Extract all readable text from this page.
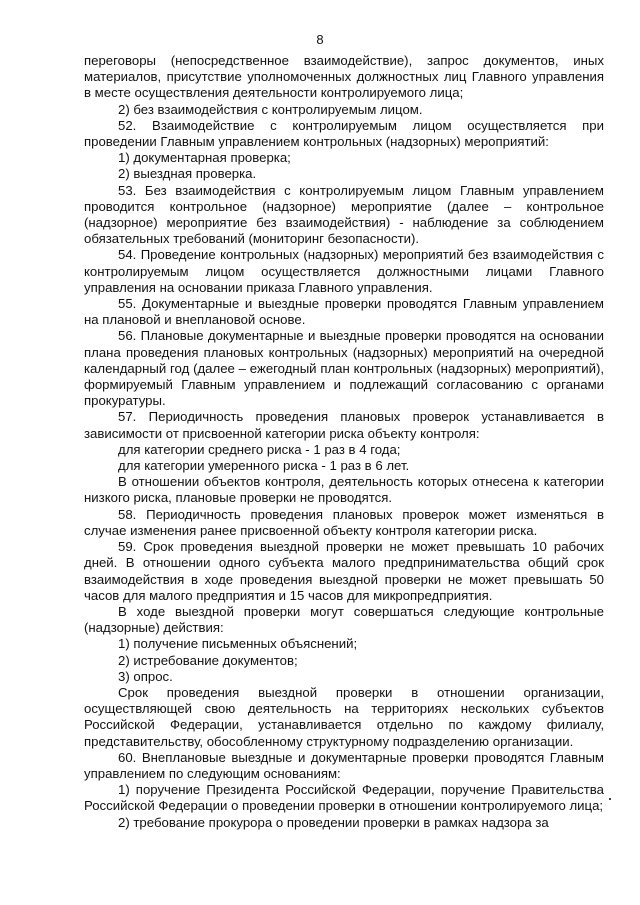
8

переговоры (непосредственное взаимодействие), запрос документов, иных материалов, присутствие уполномоченных должностных лиц Главного управления в месте осуществления деятельности контролируемого лица;

2) без взаимодействия с контролируемым лицом.

52. Взаимодействие с контролируемым лицом осуществляется при проведении Главным управлением контрольных (надзорных) мероприятий:

1) документарная проверка;

2) выездная проверка.

53. Без взаимодействия с контролируемым лицом Главным управлением проводится контрольное (надзорное) мероприятие (далее – контрольное (надзорное) мероприятие без взаимодействия) - наблюдение за соблюдением обязательных требований (мониторинг безопасности).

54. Проведение контрольных (надзорных) мероприятий без взаимодействия с контролируемым лицом осуществляется должностными лицами Главного управления на основании приказа Главного управления.

55. Документарные и выездные проверки проводятся Главным управлением на плановой и внеплановой основе.

56. Плановые документарные и выездные проверки проводятся на основании плана проведения плановых контрольных (надзорных) мероприятий на очередной календарный год (далее – ежегодный план контрольных (надзорных) мероприятий), формируемый Главным управлением и подлежащий согласованию с органами прокуратуры.

57. Периодичность проведения плановых проверок устанавливается в зависимости от присвоенной категории риска объекту контроля:

для категории среднего риска - 1 раз в 4 года;

для категории умеренного риска - 1 раз в 6 лет.

В отношении объектов контроля, деятельность которых отнесена к категории низкого риска, плановые проверки не проводятся.

58. Периодичность проведения плановых проверок может изменяться в случае изменения ранее присвоенной объекту контроля категории риска.

59. Срок проведения выездной проверки не может превышать 10 рабочих дней. В отношении одного субъекта малого предпринимательства общий срок взаимодействия в ходе проведения выездной проверки не может превышать 50 часов для малого предприятия и 15 часов для микропредприятия.

В ходе выездной проверки могут совершаться следующие контрольные (надзорные) действия:

1) получение письменных объяснений;

2) истребование документов;

3) опрос.

Срок проведения выездной проверки в отношении организации, осуществляющей свою деятельность на территориях нескольких субъектов Российской Федерации, устанавливается отдельно по каждому филиалу, представительству, обособленному структурному подразделению организации.

60. Внеплановые выездные и документарные проверки проводятся Главным управлением по следующим основаниям:

1) поручение Президента Российской Федерации, поручение Правительства Российской Федерации о проведении проверки в отношении контролируемого лица;

2) требование прокурора о проведении проверки в рамках надзора за
